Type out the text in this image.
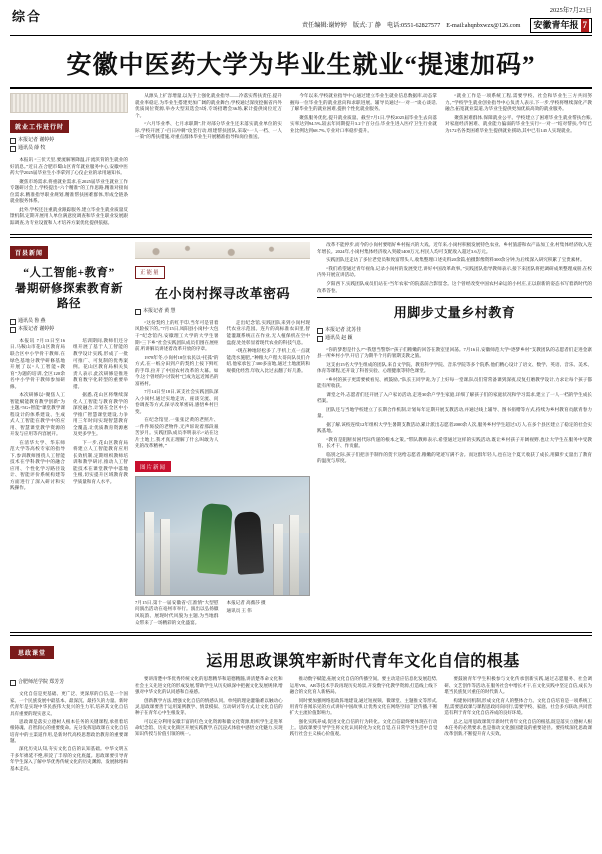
综合	2025年7月23日
责任编辑:谢婷婷 版式:丁 静 电话:0551-62827577 E-mail:ahqnbxwzx@126.com 安徽青年报 7
安徽中医药大学为毕业生就业“提速加码”
就业工作进行时
本报记者 谢婷婷
通讯员 薛 牧

本报讯 “三伏天里,要流解署降温,汗流浃背的生就业的好消息。”近日,在合肥市蜀山区青年就业服务中心,安徽中医药大学2025届毕业生小李拿到了心仪企业的录用通知书。

聚焦市场需求,将重就业需求,在2025届毕业生就业工作专题研讨会上,学校提出“六个精准”的工作思路,精准对接岗位需求,精准指导职业规划,精准帮扶困难群体,形成全链条就业服务体系。

此外,学校还注重就业跟踪服务,建立毕业生就业质量反馈机制,定期开展用人单位满意度调查和毕业生职业发展跟踪调查,为专业设置和人才培养方案优化提供依据。

从源头上扩容增量,以先手上强化就业指导——冷落实帮扶责任,提升就业率稳定,为毕业生搭建更加广阔的就业舞台;学校通过深度挖掘省内外优质岗位资源,举办大型双选会5场,专场招聘会36场,累计提供岗位近万个。

“六月毕业季、七月求职期”,针对部分毕业生还未落实就业单位的实际,学校开展了“百日冲刺”攻坚行动,组建帮扶团队,采取“一人一档、一人一策”的帮扶措施,对重点群体毕业生开展精准指导和岗位推送。

今年以来,学校就业指导中心通过建立毕业生就业信息数据库,动态掌握每一位毕业生的就业意向和求职进展。辅导员通过“一对一”谈心谈话,了解毕业生的就业困难,提供个性化就业服务。

聚焦服务优化,提升就业质量。截至7月1日,学校2025届毕业生去向落实率达到94.5%,较去年同期提升3.2个百分点;毕业生进入医疗卫生行业就业比例达到68.7%,专业对口率稳步提升。

“就业工作是一项系统工程,需要学校、社会和毕业生三方共同努力。”学校学生就业创业指导中心负责人表示,下一步,学校将继续深化产教融合,拓宽就业渠道,为毕业生提供更加优质高效的就业服务。

聚焦困难群体,保障就业公平。学校建立了困难毕业生就业帮扶台账,对家庭经济困难、就业能力偏弱的毕业生实行“一对一”结对帮扶,今年已为172名各类困难毕业生提供就业援助,其中已有145人实现就业。

百县新闻
“人工智能+教育”
暑期研修探索教育新路径
通讯员 鲁 燕
本报记者 谢婷婷

本报讯 7月13日至16日,马鞍山市花山区教育局联合区中小学骨干教师,在绿色基地分教学研修基地开展了以“人工智能+教育”为题的培训,全区120余名中小学骨干教师参加研修。

本次研修以“聚焦人工智能赋能教育教学创新”为主题,“5G+智能”课堂教学课程设计的体系建设、生成式人工智能在教学中的应用、智慧课堂教学资源的开发与应用等内容展开。

在清华大学、华东师范大学等高校专家的指导下,参训教师围绕人工智能技术在学科教学中的融合应用、个性化学习路径设计、智能评价系统构建等方面进行了深入研讨和实践操作。

培训期间,教师们还分组开展了基于人工智能的教学设计实践,形成了一批可推广、可复制的优秀案例。花山区教育局相关负责人表示,此次研修是推进教育数字化转型的重要举措。

据悉,花山区将继续深化人工智能与教育教学的深度融合,计划在全区中小学推广智慧课堂建设,力争用三年时间实现智慧教育全覆盖,让优质教育资源惠及更多学生。

下一步,花山区教育局将建立人工智能教育应用长效机制,定期组织教师培训和教学研讨,推动人工智能技术在课堂教学中落地生根,切实提升区域教育教学质量和育人水平。

正能量
在小岗村探寻改革密码
本报记者 黄 慧

“这份契约上的红手印,当年可是冒着风险按下的。”7月15日,凤阳县小岗村“大包干”纪念馆内,安徽理工大学的大学生暑期“三下乡”社会实践团队成员们围在展柜前,听讲解员讲述着改革开放的序章。

1978年冬,小岗村18位农民以“托孤”的方式,在一纸分田到户的契约上按下鲜红的手印,拉开了中国农村改革的大幕。如今,这个曾经的“讨饭村”已成为远近闻名的富裕村。

7月14日至18日,该支社会实践团队深入小岗村,通过实地走访、座谈交流、问卷调查等方式,探寻改革密码,感悟乡村巨变。

在纪念馆里,一张张泛黄的老照片、一件件斑驳的老物件,无声诉说着那段艰苦岁月。实践团队成员李明表示:“站在这片土地上,我才真正理解了什么叫敢为人先的改革精神。”

走出纪念馆,实践团队来到小岗村现代农业示范园。连片的高标准农田里,智能灌溉系统正在作业,无人植保机在空中盘旋,处处彰显着现代农业的科技气息。

“现在种地轻松多了,手机上点一点就能浇水施肥。”种粮大户程大哥向队员们介绍,他家承包了300多亩地,通过土地流转和规模化经营,年收入比过去翻了好几番。

图片新闻
7月15日,第十一届安徽省“江淮情”大型慰问演出活动在亳州市举行。演出以弘扬徽风皖韵、展现时代风貌为主题,为当地群众带来了一场精彩的文化盛宴。
本报记者 高薇莎 摄
通讯员 王 伟

改革不能停步,而今的小岗村要唱好乡村振兴的大戏。近年来,小岗村积极发展特色农业、乡村旅游和农产品加工业,村集体经济收入连年增长。2024年,小岗村集体经济收入突破1400万元,村民人均可支配收入超过3.6万元。

实践团队还走访了多位老党员和致富带头人,收集整理口述史料20余篇,拍摄影像资料300余分钟,为后续深入研究积累了宝贵素材。

“我们希望通过青年视角,记录小岗村的发展变迁,讲好中国改革故事。”实践团队指导教师表示,接下来团队将把调研成果整理成册,在校内外开展宣讲活动。

夕阳西下,实践团队成员们站在“当年农家”的院落前合影留念。这个曾经改变中国农村命运的小村庄,正以崭新的姿态书写着新时代的改革答卷。

用脚步丈量乡村教育
本报记者 沈苏佳
通讯员 赵 颖

“你的梦想是什么?”“我想当警察!”孩子们稚嫩的回答在教室里回荡。7月16日,安徽师范大学“逐梦乡村”支教团队的志愿者们走进金寨县一所乡村小学,开启了为期半个月的暑期支教之旅。

这支由15名大学生组成的团队,来自文学院、教育科学学院、音乐学院等多个院系,他们精心设计了语文、数学、英语、音乐、美术、体育等课程,还开设了科普实验、心理健康等特色课堂。

“乡村的孩子更需要被看见、被鼓励。”队长王同学说,为了上好每一堂课,队员们常常备课到深夜,反复打磨教学设计,力求让每个孩子都能有所收获。

课堂之外,志愿者们还开展了入户家访活动,走进30余户学生家庭,详细了解孩子们的家庭状况和学习需求,建立了一人一档的学生成长档案。

团队还与当地学校建立了长期合作机制,计划每年定期开展支教活动,并通过线上辅导、图书捐赠等方式,持续为乡村教育贡献青春力量。

据了解,该校连续12年组织大学生暑期支教活动,累计派出志愿者2000余人次,服务乡村学生超过3万人,在多个县区建立了稳定的社会实践基地。

“教育是阻断贫困代际传递的根本之策。”带队教师表示,希望通过这样的实践活动,既让乡村孩子开阔视野,也让大学生在服务中受教育、长才干、作贡献。

临别之际,孩子们把亲手制作的贺卡送给志愿者,稚嫩的笔迹写满不舍。而这群年轻人,也在这个夏天收获了成长,用脚步丈量出了教育的温度与厚度。

思政课堂	运用思政课筑牢新时代青年文化自信的根基
合肥师范学院 郑芳芳

文化自信是更基础、更广泛、更深厚的自信,是一个国家、一个民族发展中最基本、最深沉、最持久的力量。新时代青年是实现中华民族伟大复兴的生力军,培养其文化自信具有重要的现实意义。

思政课是落实立德树人根本任务的关键课程,承担着培根铸魂、启智润心的重要使命。充分发挥思政课在文化自信培育中的主渠道作用,是新时代高校思想政治教育的重要课题。

深化历史认知,夯实文化自信的认知基础。中华文明五千多年绵延不绝,积淀了丰厚的文化底蕴。思政课要引导青年学生深入了解中华优秀传统文化的历史渊源、发展脉络和基本走向。

要讲清楚中华优秀传统文化的思想精华和道德精髓,讲清楚革命文化和社会主义先进文化的形成发展,帮助学生从历史纵深中把握文化发展规律,增强对中华文化的认同感和自豪感。

创新教学方法,增强文化自信的情感认同。单纯的理论灌输难以触动心灵,思政课要善于运用案例教学、情景模拟、互动研讨等方式,让文化自信的种子在青年心中生根发芽。

可以充分利用安徽丰富的红色文化资源和徽文化资源,组织学生走进革命纪念馆、历史文化街区开展实践教学,在沉浸式体验中感悟文化魅力,实现知识传授与价值引领的统一。

推动数字赋能,拓展文化自信的传播空间。要主动适应信息化发展趋势,运用VR、AR等技术手段再现历史场景,开发数字化教学资源,打造线上线下融合的文化育人新格局。

同时要加强网络思政阵地建设,通过短视频、微课堂、主题推文等形式,用青年喜闻乐见的方式讲好中国故事,让优秀文化在网络空间广泛传播,不断扩大主流价值影响力。

强化实践养成,促进文化自信的行为转化。文化自信最终要体现在行动上。思政课要引导学生将文化认同转化为文化自觉,在日常学习生活中自觉践行社会主义核心价值观。

要鼓励青年学生积极参与文化传承创新实践,通过志愿服务、社会调研、文艺创作等活动,在服务社会中增长才干,在文化实践中坚定自信,成长为堪当民族复兴重任的时代新人。

构建协同机制,形成文化育人的整体合力。文化自信培育是一项系统工程,需要思政课与课程思政同向同行,需要学校、家庭、社会多方联动,共同营造有利于青年文化自信养成的良好环境。

总之,运用思政课筑牢新时代青年文化自信的根基,既是落实立德树人根本任务的必然要求,也是推动文化强国建设的重要途径。要持续深化思政课改革创新,不断提升育人实效。
